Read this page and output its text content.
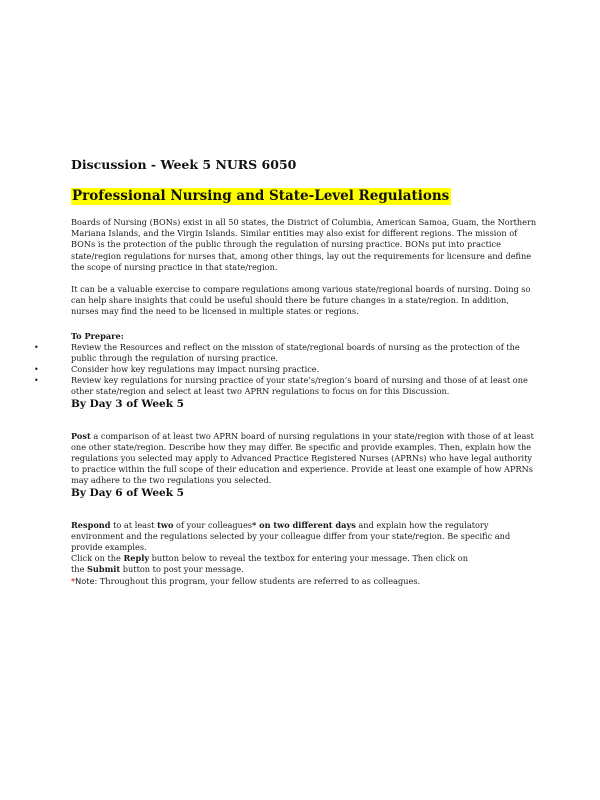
Discussion - Week 5 NURS 6050
Professional Nursing and State-Level Regulations

Boards of Nursing (BONs) exist in all 50 states, the District of Columbia, American Samoa, Guam, the Northern Mariana Islands, and the Virgin Islands. Similar entities may also exist for different regions. The mission of BONs is the protection of the public through the regulation of nursing practice. BONs put into practice state/region regulations for nurses that, among other things, lay out the requirements for licensure and define the scope of nursing practice in that state/region.

It can be a valuable exercise to compare regulations among various state/regional boards of nursing. Doing so can help share insights that could be useful should there be future changes in a state/region. In addition, nurses may find the need to be licensed in multiple states or regions.

To Prepare:

•	Review the Resources and reflect on the mission of state/regional boards of nursing as the protection of the public through the regulation of nursing practice.
•	Consider how key regulations may impact nursing practice.
•	Review key regulations for nursing practice of your state’s/region’s board of nursing and those of at least one other state/region and select at least two APRN regulations to focus on for this Discussion.
By Day 3 of Week 5

Post a comparison of at least two APRN board of nursing regulations in your state/region with those of at least one other state/region. Describe how they may differ. Be specific and provide examples. Then, explain how the regulations you selected may apply to Advanced Practice Registered Nurses (APRNs) who have legal authority to practice within the full scope of their education and experience. Provide at least one example of how APRNs may adhere to the two regulations you selected.

By Day 6 of Week 5

Respond to at least two of your colleagues* on two different days and explain how the regulatory environment and the regulations selected by your colleague differ from your state/region. Be specific and provide examples.

Click on the Reply button below to reveal the textbox for entering your message. Then click on

the Submit button to post your message.

*Note: Throughout this program, your fellow students are referred to as colleagues.
